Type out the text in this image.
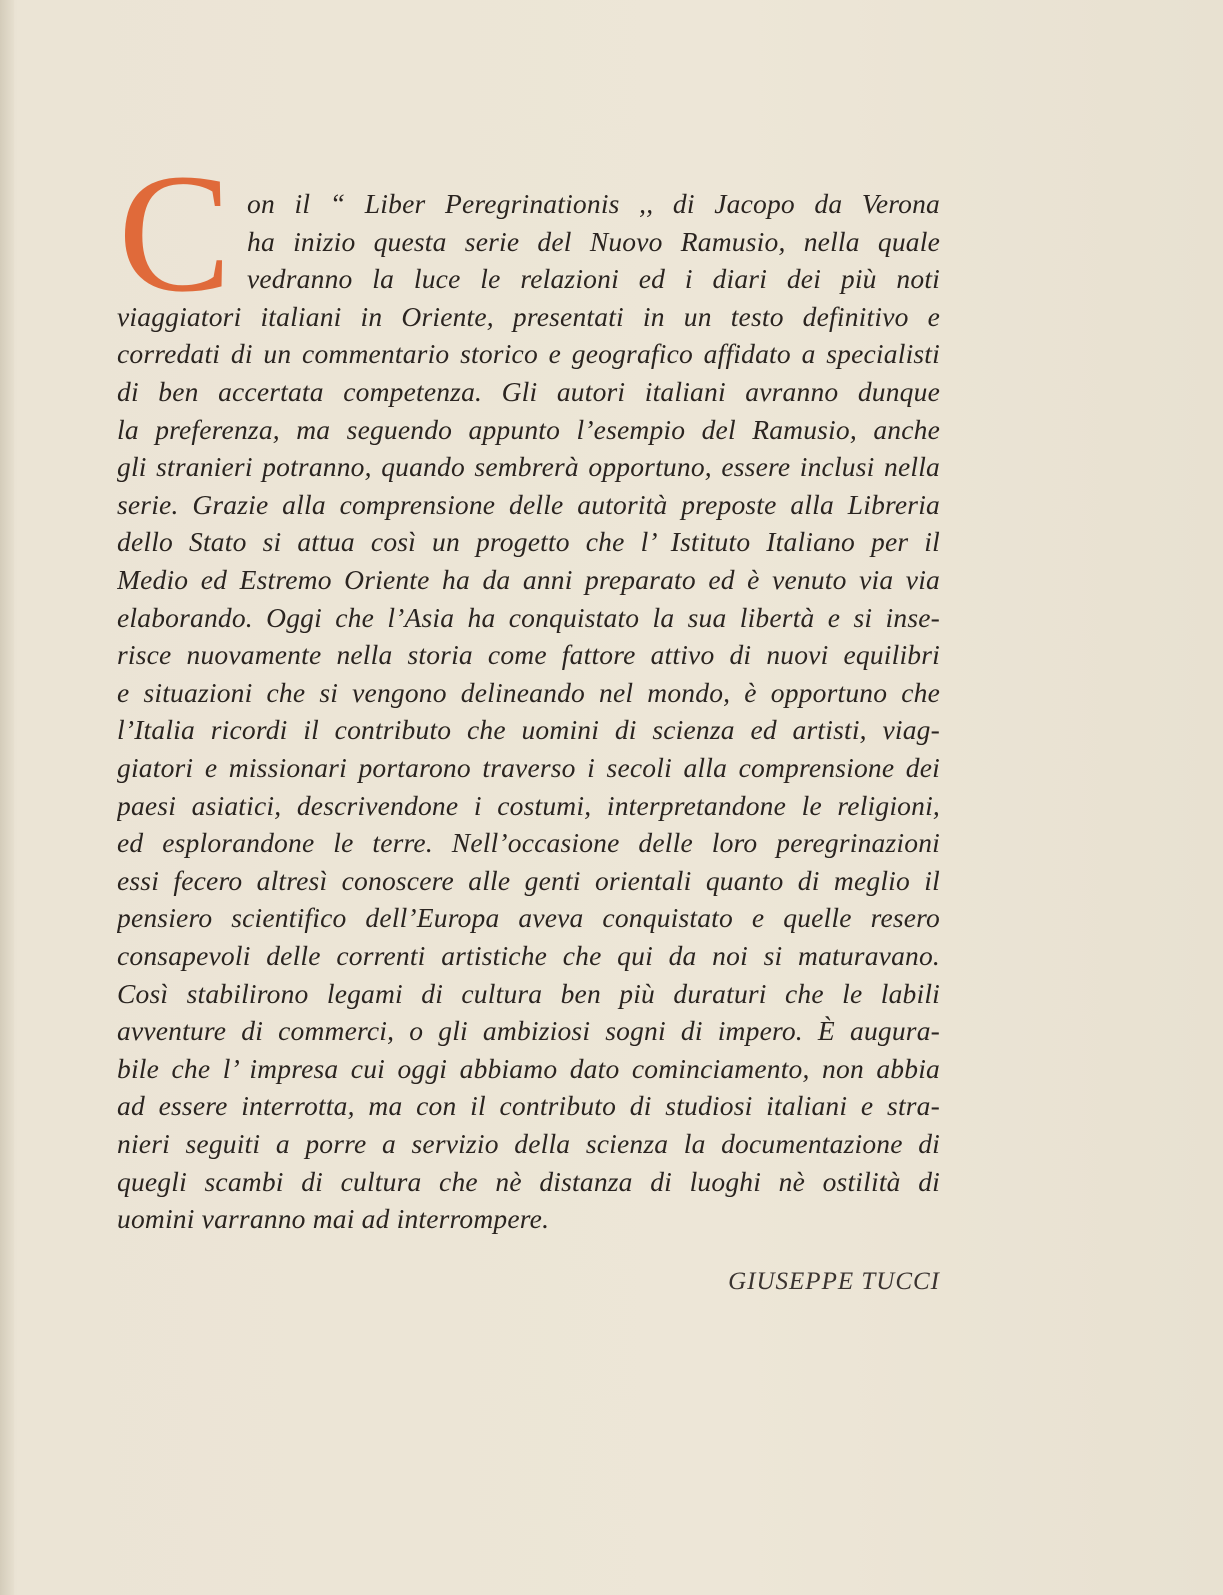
C on il “ Liber Peregrinationis ,, di Jacopo da Verona
ha inizio questa serie del Nuovo Ramusio, nella quale
vedranno la luce le relazioni ed i diari dei più noti
viaggiatori italiani in Oriente, presentati in un testo definitivo e
corredati di un commentario storico e geografico affidato a specialisti
di ben accertata competenza. Gli autori italiani avranno dunque
la preferenza, ma seguendo appunto l’esempio del Ramusio, anche
gli stranieri potranno, quando sembrerà opportuno, essere inclusi nella
serie. Grazie alla comprensione delle autorità preposte alla Libreria
dello Stato si attua così un progetto che l’ Istituto Italiano per il
Medio ed Estremo Oriente ha da anni preparato ed è venuto via via
elaborando. Oggi che l’Asia ha conquistato la sua libertà e si inse-
risce nuovamente nella storia come fattore attivo di nuovi equilibri
e situazioni che si vengono delineando nel mondo, è opportuno che
l’Italia ricordi il contributo che uomini di scienza ed artisti, viag-
giatori e missionari portarono traverso i secoli alla comprensione dei
paesi asiatici, descrivendone i costumi, interpretandone le religioni,
ed esplorandone le terre. Nell’occasione delle loro peregrinazioni
essi fecero altresì conoscere alle genti orientali quanto di meglio il
pensiero scientifico dell’Europa aveva conquistato e quelle resero
consapevoli delle correnti artistiche che qui da noi si maturavano.
Così stabilirono legami di cultura ben più duraturi che le labili
avventure di commerci, o gli ambiziosi sogni di impero. È augura-
bile che l’ impresa cui oggi abbiamo dato cominciamento, non abbia
ad essere interrotta, ma con il contributo di studiosi italiani e stra-
nieri seguiti a porre a servizio della scienza la documentazione di
quegli scambi di cultura che nè distanza di luoghi nè ostilità di
uomini varranno mai ad interrompere.
GIUSEPPE TUCCI
